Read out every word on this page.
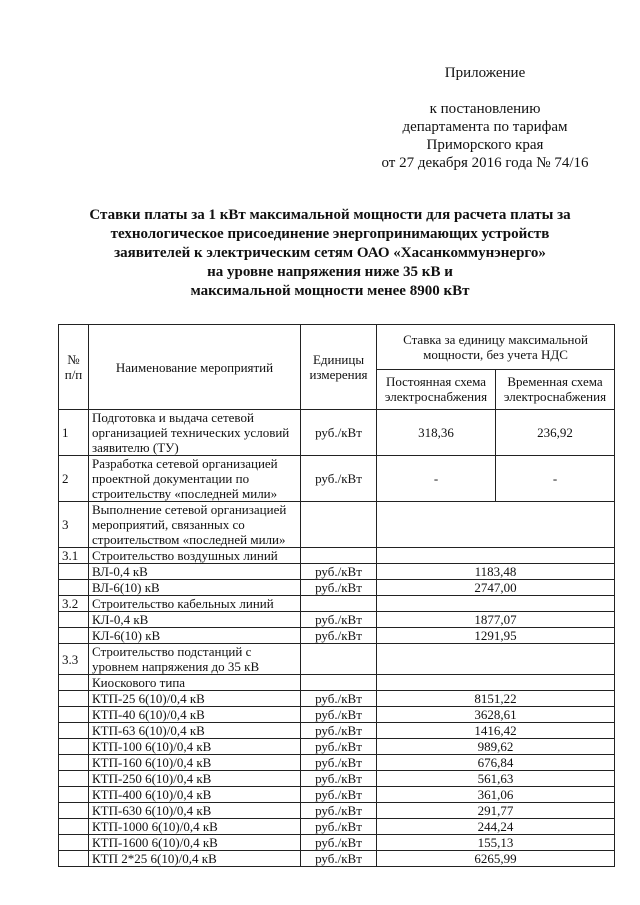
Приложение
к постановлению
департамента по тарифам
Приморского края
от 27 декабря 2016 года № 74/16
Ставки платы за 1 кВт максимальной мощности для расчета платы за
технологическое присоединение энергопринимающих устройств
заявителей к электрическим сетям ОАО «Хасанкоммунэнерго»
на уровне напряжения ниже 35 кВ и
максимальной мощности менее 8900 кВт
№ п/п	Наименование мероприятий	Единицы измерения	Ставка за единицу максимальной мощности, без учета НДС	
			Постоянная схема электроснабжения	Временная схема электроснабжения
1	Подготовка и выдача сетевой организацией технических условий заявителю (ТУ)	руб./кВт	318,36	236,92
2	Разработка сетевой организацией проектной документации по строительству «последней мили»	руб./кВт	-	-
3	Выполнение сетевой организацией мероприятий, связанных со строительством «последней мили»			
3.1	Строительство воздушных линий			
	ВЛ-0,4 кВ	руб./кВт	1183,48	
	ВЛ-6(10) кВ	руб./кВт	2747,00	
3.2	Строительство кабельных линий			
	КЛ-0,4 кВ	руб./кВт	1877,07	
	КЛ-6(10) кВ	руб./кВт	1291,95	
3.3	Строительство подстанций с уровнем напряжения до 35 кВ			
	Киоскового типа			
	КТП-25 6(10)/0,4 кВ	руб./кВт	8151,22	
	КТП-40 6(10)/0,4 кВ	руб./кВт	3628,61	
	КТП-63 6(10)/0,4 кВ	руб./кВт	1416,42	
	КТП-100 6(10)/0,4 кВ	руб./кВт	989,62	
	КТП-160 6(10)/0,4 кВ	руб./кВт	676,84	
	КТП-250 6(10)/0,4 кВ	руб./кВт	561,63	
	КТП-400 6(10)/0,4 кВ	руб./кВт	361,06	
	КТП-630 6(10)/0,4 кВ	руб./кВт	291,77	
	КТП-1000 6(10)/0,4 кВ	руб./кВт	244,24	
	КТП-1600 6(10)/0,4 кВ	руб./кВт	155,13	
	КТП 2*25 6(10)/0,4 кВ	руб./кВт	6265,99	
